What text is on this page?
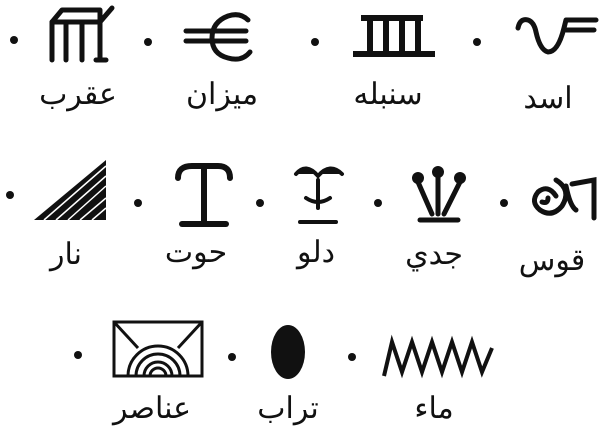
عقرب ميزان	سنبله	اسد
نار	حوت دلو جدي قوس
عناصر تراب	ماء
